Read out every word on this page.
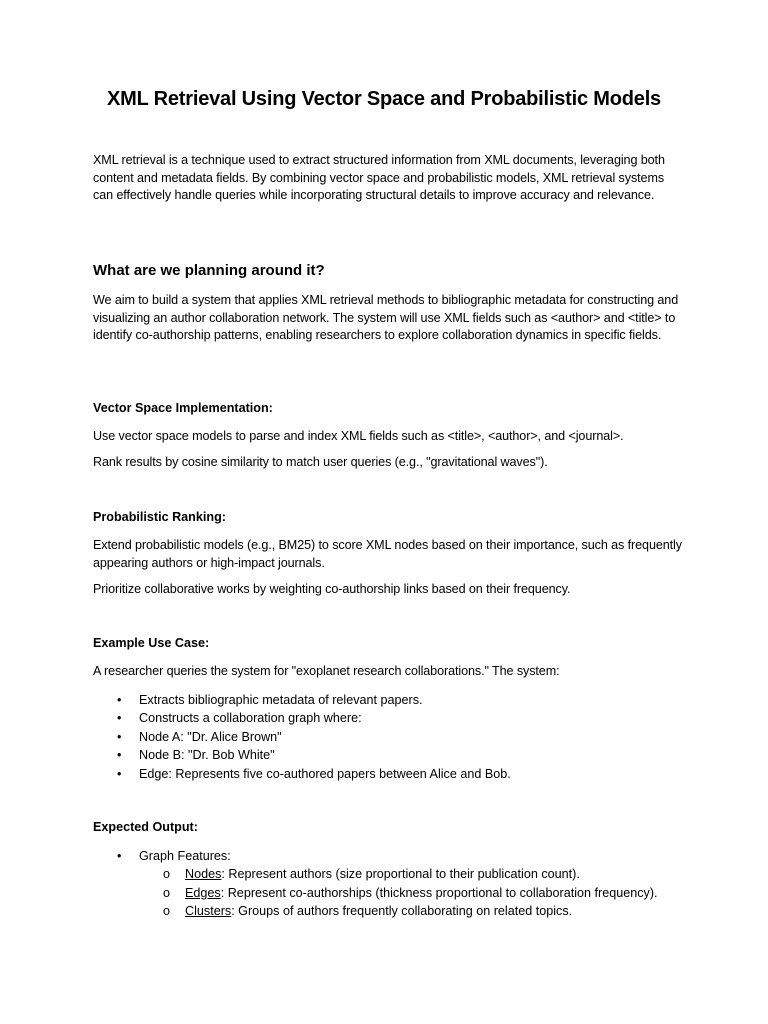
XML Retrieval Using Vector Space and Probabilistic Models
XML retrieval is a technique used to extract structured information from XML documents, leveraging both content and metadata fields. By combining vector space and probabilistic models, XML retrieval systems can effectively handle queries while incorporating structural details to improve accuracy and relevance.
What are we planning around it?
We aim to build a system that applies XML retrieval methods to bibliographic metadata for constructing and visualizing an author collaboration network. The system will use XML fields such as <author> and <title> to identify co-authorship patterns, enabling researchers to explore collaboration dynamics in specific fields.
Vector Space Implementation:
Use vector space models to parse and index XML fields such as <title>, <author>, and <journal>.
Rank results by cosine similarity to match user queries (e.g., "gravitational waves").
Probabilistic Ranking:
Extend probabilistic models (e.g., BM25) to score XML nodes based on their importance, such as frequently appearing authors or high-impact journals.
Prioritize collaborative works by weighting co-authorship links based on their frequency.
Example Use Case:
A researcher queries the system for "exoplanet research collaborations." The system:
• Extracts bibliographic metadata of relevant papers.
• Constructs a collaboration graph where:
• Node A: "Dr. Alice Brown"
• Node B: "Dr. Bob White"
• Edge: Represents five co-authored papers between Alice and Bob.
Expected Output:
• Graph Features:
o Nodes: Represent authors (size proportional to their publication count).
o Edges: Represent co-authorships (thickness proportional to collaboration frequency).
o Clusters: Groups of authors frequently collaborating on related topics.
